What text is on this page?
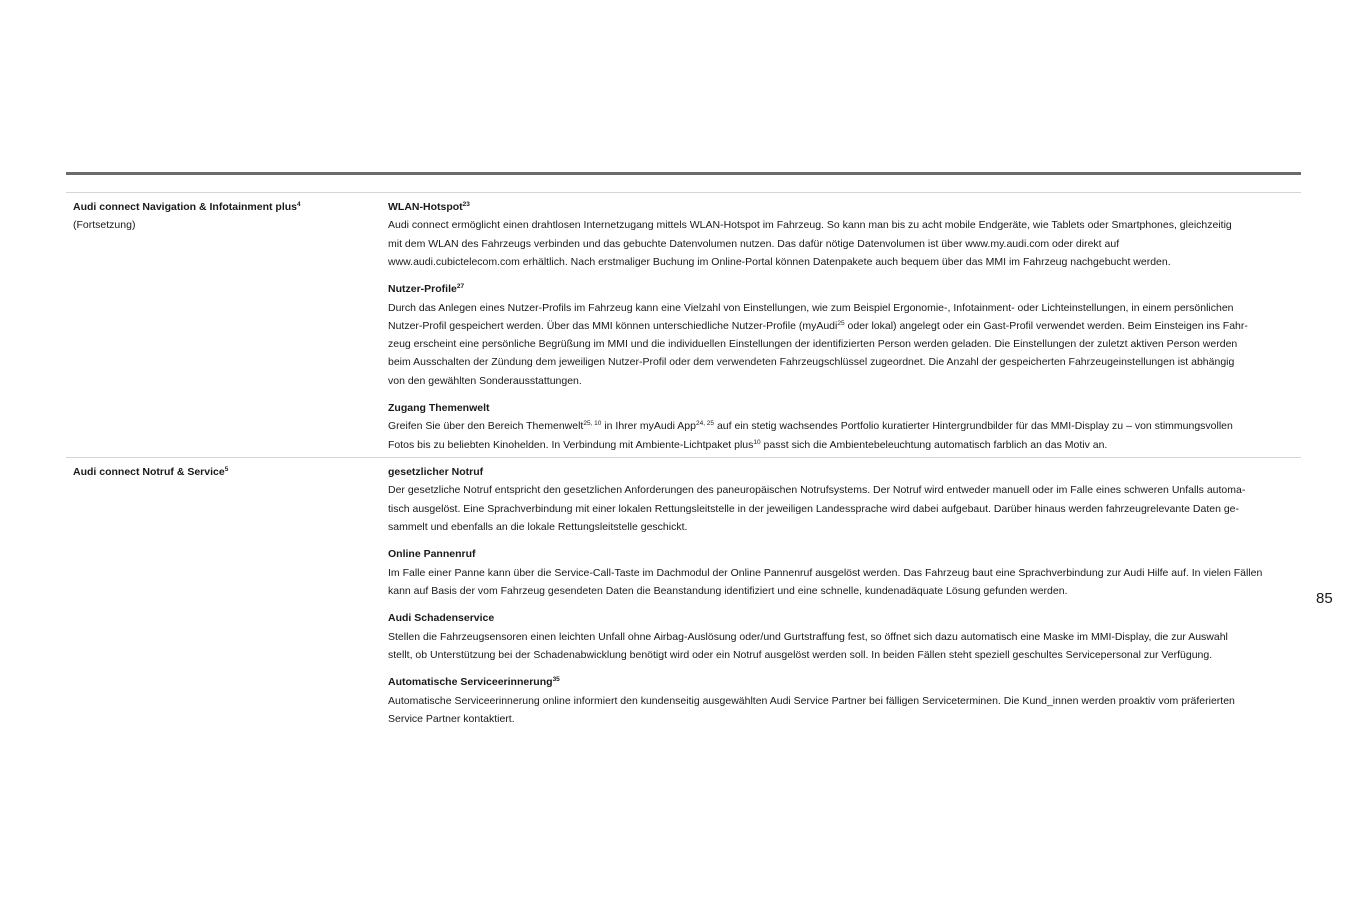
Audi connect Navigation & Infotainment plus$^4$
(Fortsetzung)
WLAN-Hotspot$^{23}$
Audi connect ermöglicht einen drahtlosen Internetzugang mittels WLAN-Hotspot im Fahrzeug. So kann man bis zu acht mobile Endgeräte, wie Tablets oder Smartphones, gleichzeitig
mit dem WLAN des Fahrzeugs verbinden und das gebuchte Datenvolumen nutzen. Das dafür nötige Datenvolumen ist über www.my.audi.com oder direkt auf
www.audi.cubictelecom.com erhältlich. Nach erstmaliger Buchung im Online-Portal können Datenpakete auch bequem über das MMI im Fahrzeug nachgebucht werden.
Nutzer-Profile$^{27}$
Durch das Anlegen eines Nutzer-Profils im Fahrzeug kann eine Vielzahl von Einstellungen, wie zum Beispiel Ergonomie-, Infotainment- oder Lichteinstellungen, in einem persönlichen
Nutzer-Profil gespeichert werden. Über das MMI können unterschiedliche Nutzer-Profile (myAudi$^{25}$ oder lokal) angelegt oder ein Gast-Profil verwendet werden. Beim Einsteigen ins Fahr-
zeug erscheint eine persönliche Begrüßung im MMI und die individuellen Einstellungen der identifizierten Person werden geladen. Die Einstellungen der zuletzt aktiven Person werden
beim Ausschalten der Zündung dem jeweiligen Nutzer-Profil oder dem verwendeten Fahrzeugschlüssel zugeordnet. Die Anzahl der gespeicherten Fahrzeugeinstellungen ist abhängig
von den gewählten Sonderausstattungen.
Zugang Themenwelt
Greifen Sie über den Bereich Themenwelt$^{25, 10}$ in Ihrer myAudi App$^{24, 25}$ auf ein stetig wachsendes Portfolio kuratierter Hintergrundbilder für das MMI-Display zu – von stimmungsvollen
Fotos bis zu beliebten Kinohelden. In Verbindung mit Ambiente-Lichtpaket plus$^{10}$ passt sich die Ambientebeleuchtung automatisch farblich an das Motiv an.
Audi connect Notruf & Service$^5$	gesetzlicher Notruf
Der gesetzliche Notruf entspricht den gesetzlichen Anforderungen des paneuropäischen Notrufsystems. Der Notruf wird entweder manuell oder im Falle eines schweren Unfalls automa-
tisch ausgelöst. Eine Sprachverbindung mit einer lokalen Rettungsleitstelle in der jeweiligen Landessprache wird dabei aufgebaut. Darüber hinaus werden fahrzeugrelevante Daten ge-
sammelt und ebenfalls an die lokale Rettungsleitstelle geschickt.
Online Pannenruf
Im Falle einer Panne kann über die Service-Call-Taste im Dachmodul der Online Pannenruf ausgelöst werden. Das Fahrzeug baut eine Sprachverbindung zur Audi Hilfe auf. In vielen Fällen
kann auf Basis der vom Fahrzeug gesendeten Daten die Beanstandung identifiziert und eine schnelle, kundenadäquate Lösung gefunden werden.
Audi Schadenservice
Stellen die Fahrzeugsensoren einen leichten Unfall ohne Airbag-Auslösung oder/und Gurtstraffung fest, so öffnet sich dazu automatisch eine Maske im MMI-Display, die zur Auswahl
stellt, ob Unterstützung bei der Schadenabwicklung benötigt wird oder ein Notruf ausgelöst werden soll. In beiden Fällen steht speziell geschultes Servicepersonal zur Verfügung.
Automatische Serviceerinnerung$^{35}$
Automatische Serviceerinnerung online informiert den kundenseitig ausgewählten Audi Service Partner bei fälligen Serviceterminen. Die Kund_innen werden proaktiv vom präferierten
Service Partner kontaktiert.
85
